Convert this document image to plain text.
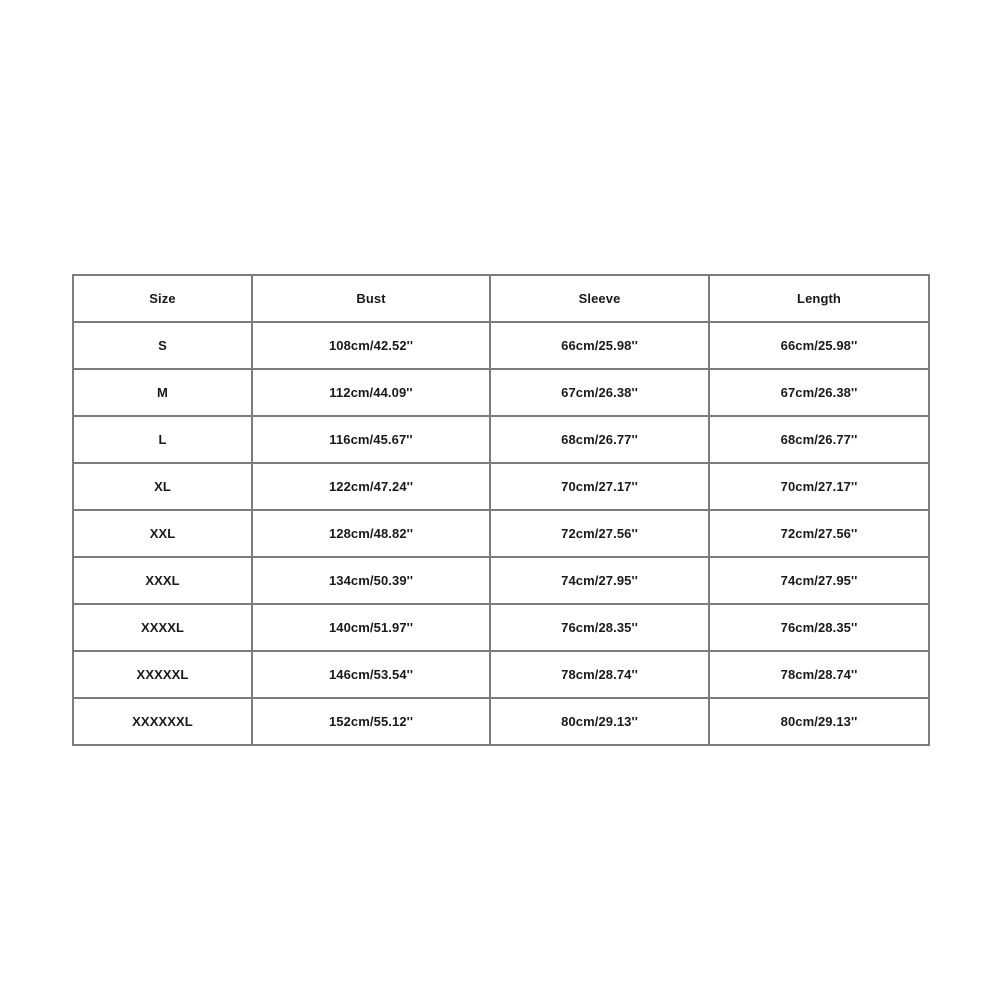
Size	Bust	Sleeve	Length
S	108cm/42.52''	66cm/25.98''	66cm/25.98''
M	112cm/44.09''	67cm/26.38''	67cm/26.38''
L	116cm/45.67''	68cm/26.77''	68cm/26.77''
XL	122cm/47.24''	70cm/27.17''	70cm/27.17''
XXL	128cm/48.82''	72cm/27.56''	72cm/27.56''
XXXL	134cm/50.39''	74cm/27.95''	74cm/27.95''
XXXXL	140cm/51.97''	76cm/28.35''	76cm/28.35''
XXXXXL	146cm/53.54''	78cm/28.74''	78cm/28.74''
XXXXXXL	152cm/55.12''	80cm/29.13''	80cm/29.13''
